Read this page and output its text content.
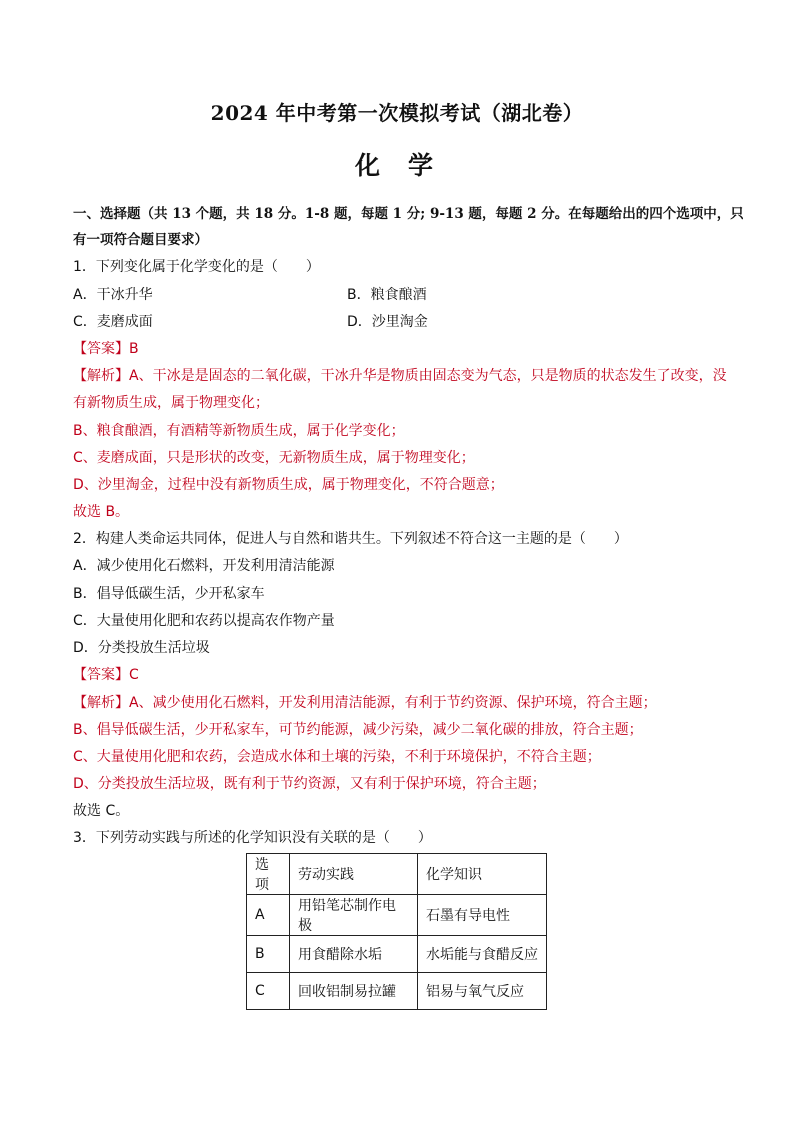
2024 年中考第一次模拟考试（湖北卷）
化学
一、选择题（共 13 个题，共 18 分。1-8 题，每题 1 分; 9-13 题，每题 2 分。在每题给出的四个选项中，只
有一项符合题目要求）
1．下列变化属于化学变化的是（　　）
A．干冰升华	B．粮食酿酒
C．麦磨成面	D．沙里淘金
【答案】B
【解析】A、干冰是是固态的二氧化碳，干冰升华是物质由固态变为气态，只是物质的状态发生了改变，没
有新物质生成，属于物理变化；
B、粮食酿酒，有酒精等新物质生成，属于化学变化；
C、麦磨成面，只是形状的改变，无新物质生成，属于物理变化；
D、沙里淘金，过程中没有新物质生成，属于物理变化，不符合题意；
故选 B。
2．构建人类命运共同体，促进人与自然和谐共生。下列叙述不符合这一主题的是（　　）
A．减少使用化石燃料，开发利用清洁能源
B．倡导低碳生活，少开私家车
C．大量使用化肥和农药以提高农作物产量
D．分类投放生活垃圾
【答案】C
【解析】A、减少使用化石燃料，开发利用清洁能源，有利于节约资源、保护环境，符合主题；
B、倡导低碳生活，少开私家车，可节约能源，减少污染，减少二氧化碳的排放，符合主题；
C、大量使用化肥和农药，会造成水体和土壤的污染，不利于环境保护，不符合主题；
D、分类投放生活垃圾，既有利于节约资源，又有利于保护环境，符合主题；
故选 C。
3．下列劳动实践与所述的化学知识没有关联的是（　　）
选项	劳动实践	化学知识
A	用铅笔芯制作电极	石墨有导电性
B	用食醋除水垢	水垢能与食醋反应
C	回收铝制易拉罐	铝易与氧气反应
